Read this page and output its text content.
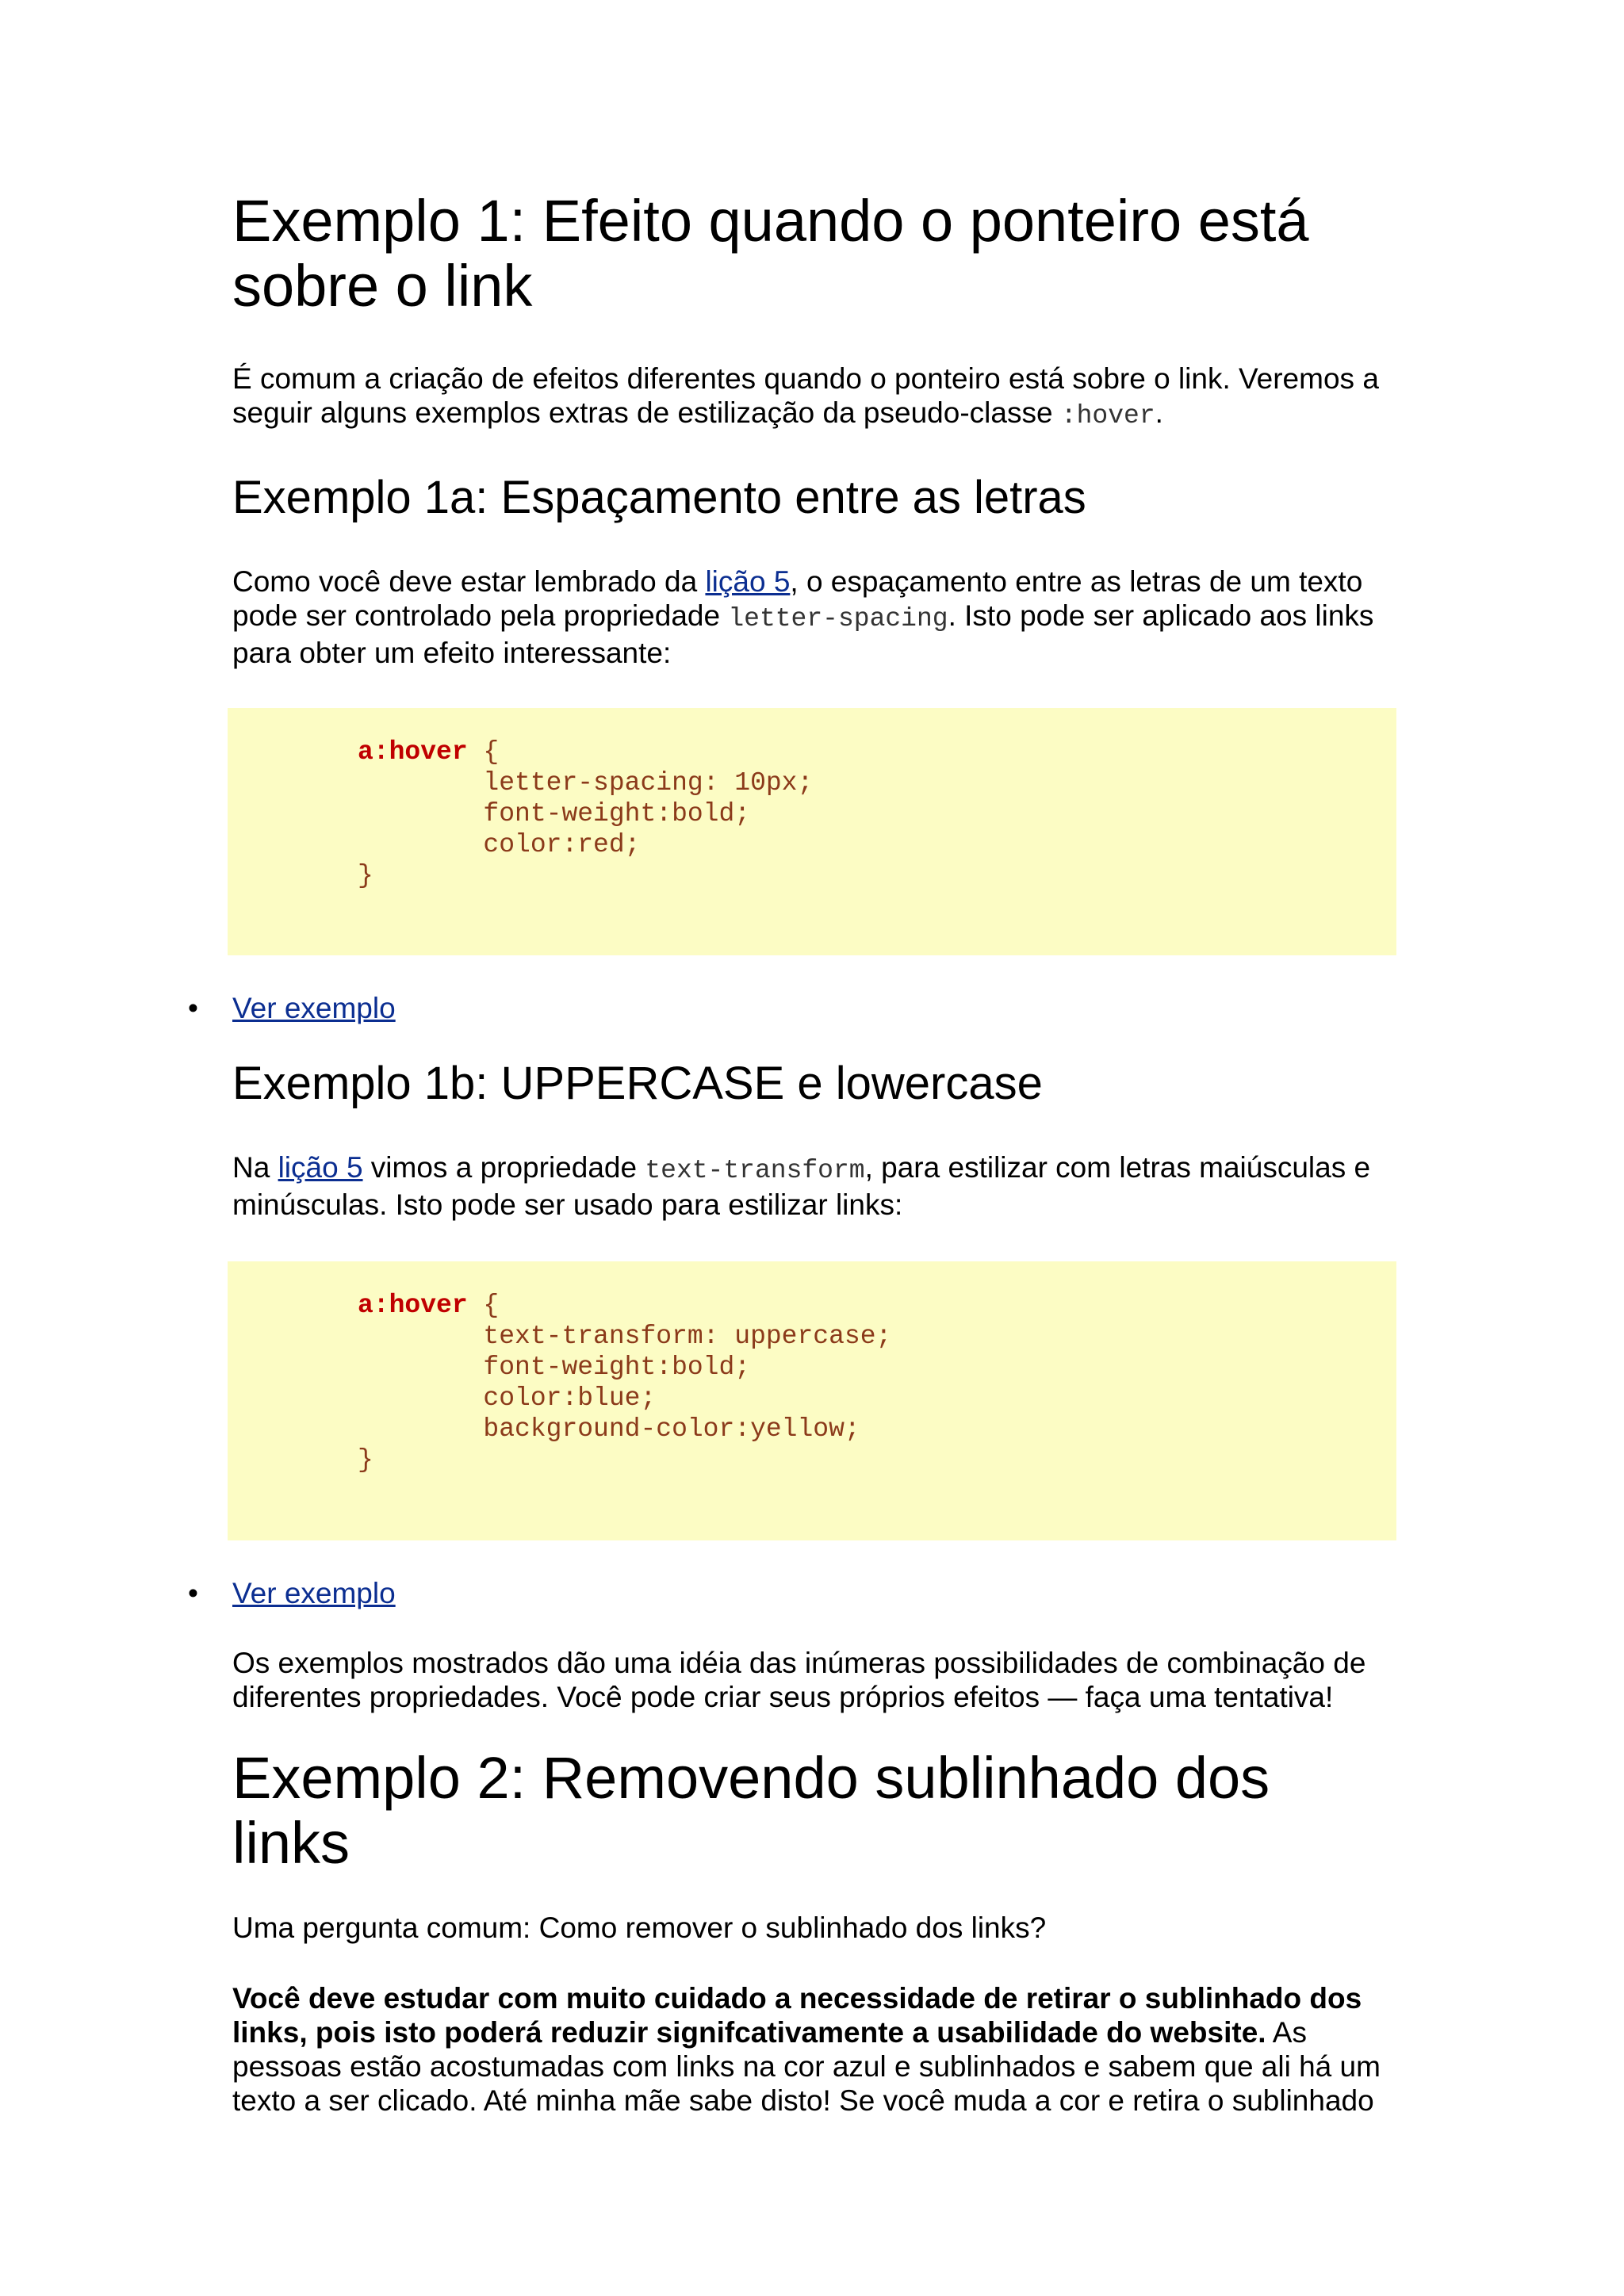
Exemplo 1: Efeito quando o ponteiro está sobre o link

É comum a criação de efeitos diferentes quando o ponteiro está sobre o link. Veremos a seguir alguns exemplos extras de estilização da pseudo-classe :hover.

Exemplo 1a: Espaçamento entre as letras

Como você deve estar lembrado da lição 5, o espaçamento entre as letras de um texto pode ser controlado pela propriedade letter-spacing. Isto pode ser aplicado aos links para obter um efeito interessante:

a:hover {
letter-spacing: 10px;
font-weight:bold;
color:red;
}
• Ver exemplo
Exemplo 1b: UPPERCASE e lowercase

Na lição 5 vimos a propriedade text-transform, para estilizar com letras maiúsculas e minúsculas. Isto pode ser usado para estilizar links:

a:hover {
text-transform: uppercase;
font-weight:bold;
color:blue;
background-color:yellow;
}
• Ver exemplo

Os exemplos mostrados dão uma idéia das inúmeras possibilidades de combinação de diferentes propriedades. Você pode criar seus próprios efeitos — faça uma tentativa!

Exemplo 2: Removendo sublinhado dos links

Uma pergunta comum: Como remover o sublinhado dos links?

Você deve estudar com muito cuidado a necessidade de retirar o sublinhado dos links, pois isto poderá reduzir signifcativamente a usabilidade do website. As pessoas estão acostumadas com links na cor azul e sublinhados e sabem que ali há um texto a ser clicado. Até minha mãe sabe disto! Se você muda a cor e retira o sublinhado
